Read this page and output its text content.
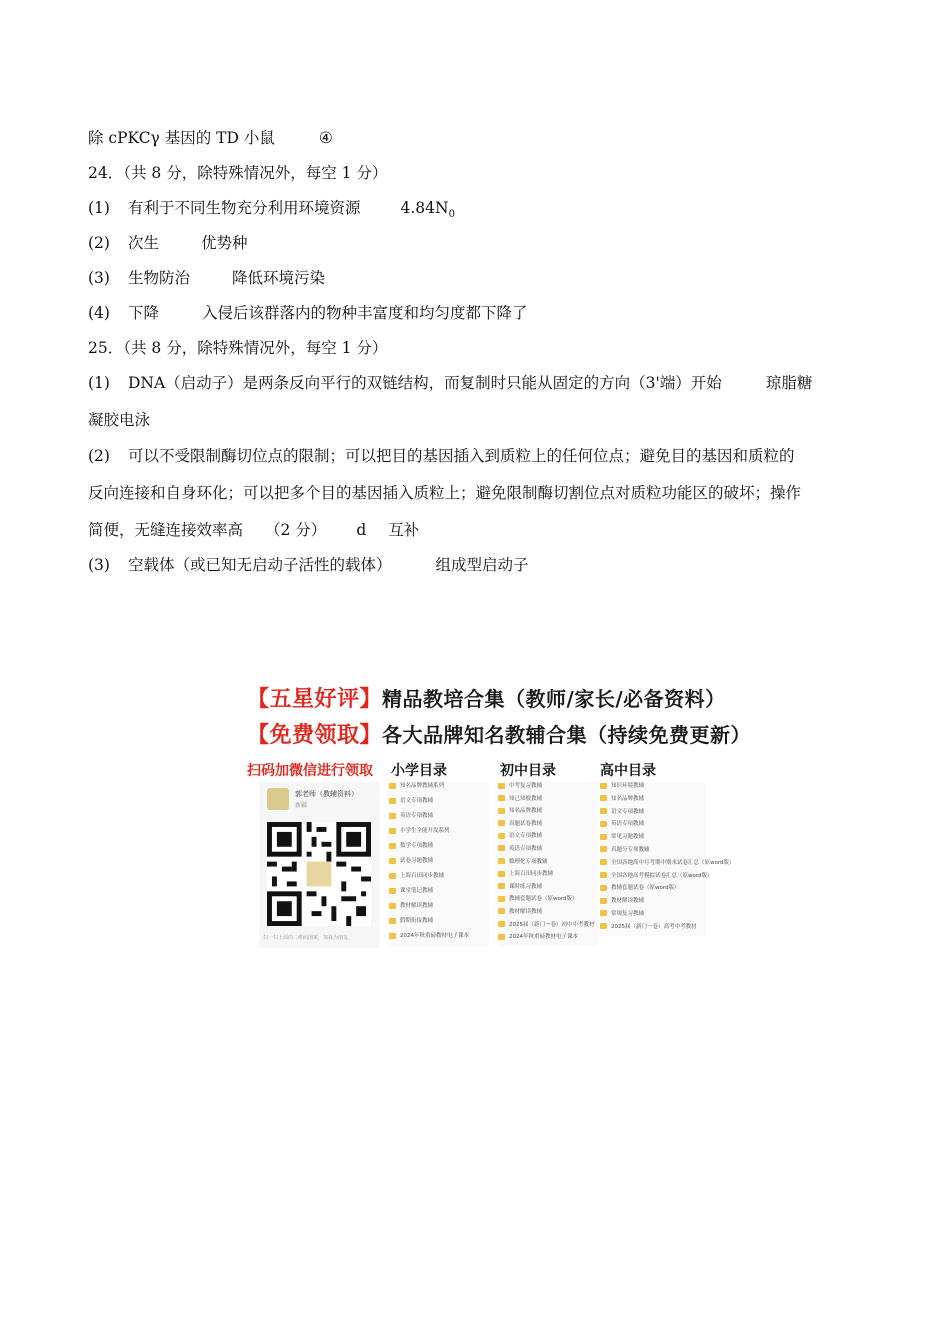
除 cPKCγ 基因的 TD 小鼠	④
24．（共 8 分，除特殊情况外，每空 1 分）
(1) 有利于不同生物充分利用环境资源	$4.84N_0$
(2) 次生	优势种
(3) 生物防治	降低环境污染
(4) 下降	入侵后该群落内的物种丰富度和均匀度都下降了
25．（共 8 分，除特殊情况外，每空 1 分）
(1) DNA（启动子）是两条反向平行的双链结构，而复制时只能从固定的方向（3'端）开始	琼脂糖
凝胶电泳
(2) 可以不受限制酶切位点的限制；可以把目的基因插入到质粒上的任何位点；避免目的基因和质粒的
反向连接和自身环化；可以把多个目的基因插入质粒上；避免限制酶切割位点对质粒功能区的破坏；操作
简便，无缝连接效率高 （2 分） d 互补
(3) 空载体（或已知无启动子活性的载体）	组成型启动子
【五星好评】精品教培合集（教师/家长/必备资料）
【免费领取】各大品牌知名教辅合集（持续免费更新）
扫码加微信进行领取 小学目录	初中目录	高中目录
郭老师（教辅资料）
新疆
扫一扫上面的二维码图案，加我为朋友。
知名品牌教辅系列
语文专项教辅
英语专项教辅
小学生全能开发系列
数学专项教辅
试卷习题教辅
上海百田同步教辅
课堂笔记教辅
教材解读教辅
假期衔接教辅
2024年秋重磅教材电子课本
中考复习教辅
知己知彼教辅
知名品牌教辅
真题试卷教辅
语文专项教辅
英语专项教辅
数理化专项教辅
上海百田同步教辅
课时练习教辅
教辅套题试卷（原word版）
教材解读教辅
2025届（新门一卷）初中中考教材
2024年秋重磅教材电子课本
知识环境教辅
知名品牌教辅
语文专项教辅
英语专项教辅
常见习题教辅
真题分专项教辅
全国各地高中月考期中期末试卷汇总（原word版）
全国各地高考模拟试卷汇总（原word版）
教辅套题试卷（原word版）
教材解读教辅
常规复习教辅
2025届（新门一卷）高考中考教材
